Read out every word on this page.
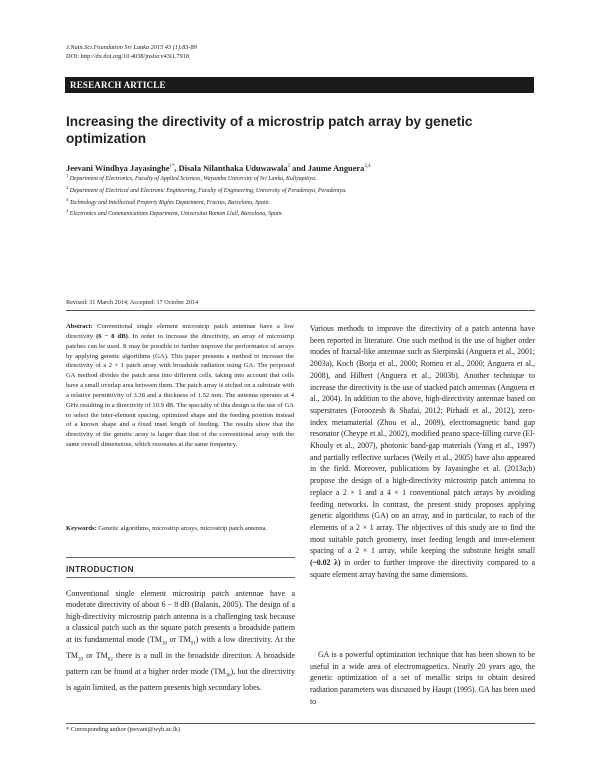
J.Natn.Sci.Foundation Sri Lanka 2015 43 (1):83-89
DOI: http://dx.doi.org/10.4038/jnsfsr.v43i1.7918
RESEARCH ARTICLE
Increasing the directivity of a microstrip patch array by genetic optimization
Jeevani Windhya Jayasinghe$^{1*}$, Disala Nilanthaka Uduwawala$^2$ and Jaume Anguera$^{3,4}$
$^1$ Department of Electronics, Faculty of Applied Sciences, Wayamba University of Sri Lanka, Kuliyapitiya.
$^2$ Department of Electrical and Electronic Engineering, Faculty of Engineering, University of Peradeniya, Peradeniya.
$^3$ Technology and Intellectual Property Rights Department, Fractus, Barcelona, Spain.
$^4$ Electronics and Communications Department, Universitat Ramon Llull, Barcelona, Spain.
Revised: 31 March 2014; Accepted: 17 October 2014
Abstract: Conventional single element microstrip patch antennae have a low directivity (6 − 8 dB). In order to increase the directivity, an array of microstrip patches can be used. It may be possible to further improve the performance of arrays by applying genetic algorithms (GA). This paper presents a method to increase the directivity of a 2 × 1 patch array with broadside radiation using GA. The proposed GA method divides the patch area into different cells, taking into account that cells have a small overlap area between them. The patch array is etched on a substrate with a relative permittivity of 3.38 and a thickness of 1.52 mm. The antenna operates at 4 GHz resulting in a directivity of 10.9 dB. The specialty of this design is the use of GA to select the inter-element spacing, optimized shape and the feeding position instead of a known shape and a fixed inset length of feeding. The results show that the directivity of the genetic array is larger than that of the conventional array with the same overall dimensions, which resonates at the same frequency.
Keywords: Genetic algorithms, microstrip arrays, microstrip patch antenna.
INTRODUCTION
Conventional single element microstrip patch antennae have a moderate directivity of about 6 − 8 dB (Balanis, 2005). The design of a high-directivity microstrip patch antenna is a challenging task because a classical patch such as the square patch presents a broadside pattern at its fundamental mode ($TM_{10}$ or $TM_{01}$) with a low directivity. At the $TM_{20}$ or $TM_{02}$ there is a null in the broadside direction. A broadside pattern can be found at a higher order mode $(TM_{30})$, but the directivity is again limited, as the pattern presents high secondary lobes.
Various methods to improve the directivity of a patch antenna have been reported in literature. One such method is the use of higher order modes of fractal-like antennae such as Sierpinski (Anguera et al., 2001; 2003a), Koch (Borja et al., 2000; Romeu et al., 2000; Anguera et al., 2008), and Hilbert (Anguera et al., 2003b). Another technique to increase the directivity is the use of stacked patch antennas (Anguera et al., 2004). In addition to the above, high-directivity antennae based on superstrates (Foroozesh & Shafai, 2012; Pirhadi et al., 2012), zero-index metamaterial (Zhou et al., 2009), electromagnetic band gap resonator (Cheype et al., 2002), modified peano space-filling curve (El-Khouly et al., 2007), photonic band-gap materials (Yang et al., 1997) and partially reflective surfaces (Weily et al., 2005) have also appeared in the field. Moreover, publications by Jayasinghe et al. (2013a;b) propose the design of a high-directivity microstrip patch antenna to replace a 2 × 1 and a 4 × 1 conventional patch arrays by avoiding feeding networks. In contrast, the present study proposes applying genetic algorithms (GA) on an array, and in particular, to each of the elements of a 2 × 1 array. The objectives of this study are to find the most suitable patch geometry, inset feeding length and inter-element spacing of a 2 × 1 array, while keeping the substrate height small (~0.02 λ) in order to further improve the directivity compared to a square element array having the same dimensions.
GA is a powerful optimization technique that has been shown to be useful in a wide area of electromagnetics. Nearly 20 years ago, the genetic optimization of a set of metallic strips to obtain desired radiation parameters was discussed by Haupt (1995). GA has been used to
* Corresponding author (jeevani@wyb.ac.lk)
